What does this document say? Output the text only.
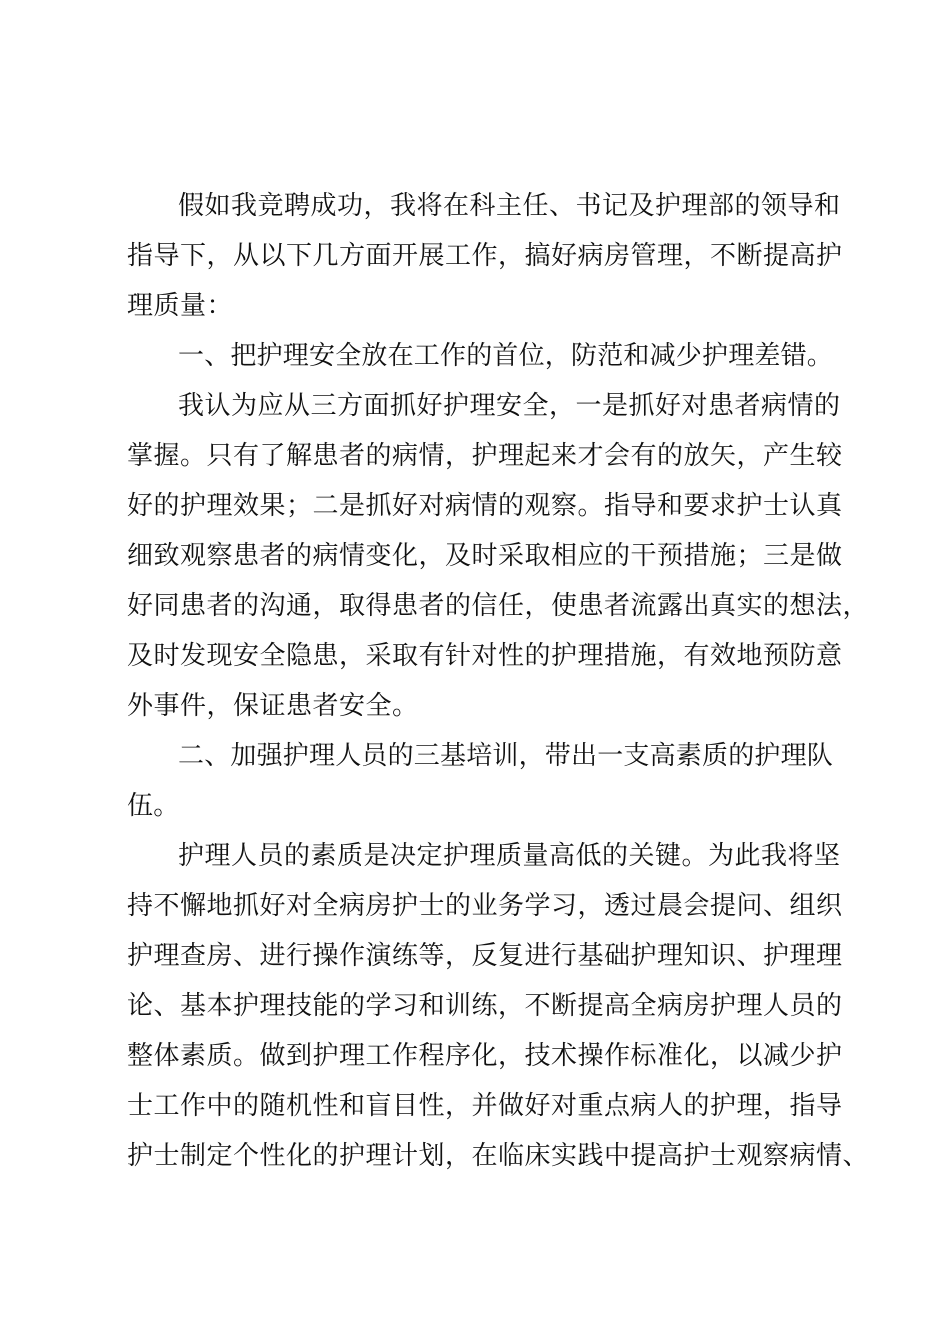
假如我竞聘成功，我将在科主任、书记及护理部的领导和
指导下，从以下几方面开展工作，搞好病房管理，不断提高护
理质量：
一、把护理安全放在工作的首位，防范和减少护理差错。
我认为应从三方面抓好护理安全，一是抓好对患者病情的
掌握。只有了解患者的病情，护理起来才会有的放矢，产生较
好的护理效果；二是抓好对病情的观察。指导和要求护士认真
细致观察患者的病情变化，及时采取相应的干预措施；三是做
好同患者的沟通，取得患者的信任，使患者流露出真实的想法，
及时发现安全隐患，采取有针对性的护理措施，有效地预防意
外事件，保证患者安全。
二、加强护理人员的三基培训，带出一支高素质的护理队
伍。
护理人员的素质是决定护理质量高低的关键。为此我将坚
持不懈地抓好对全病房护士的业务学习，透过晨会提问、组织
护理查房、进行操作演练等，反复进行基础护理知识、护理理
论、基本护理技能的学习和训练，不断提高全病房护理人员的
整体素质。做到护理工作程序化，技术操作标准化，以减少护
士工作中的随机性和盲目性，并做好对重点病人的护理，指导
护士制定个性化的护理计划，在临床实践中提高护士观察病情、
